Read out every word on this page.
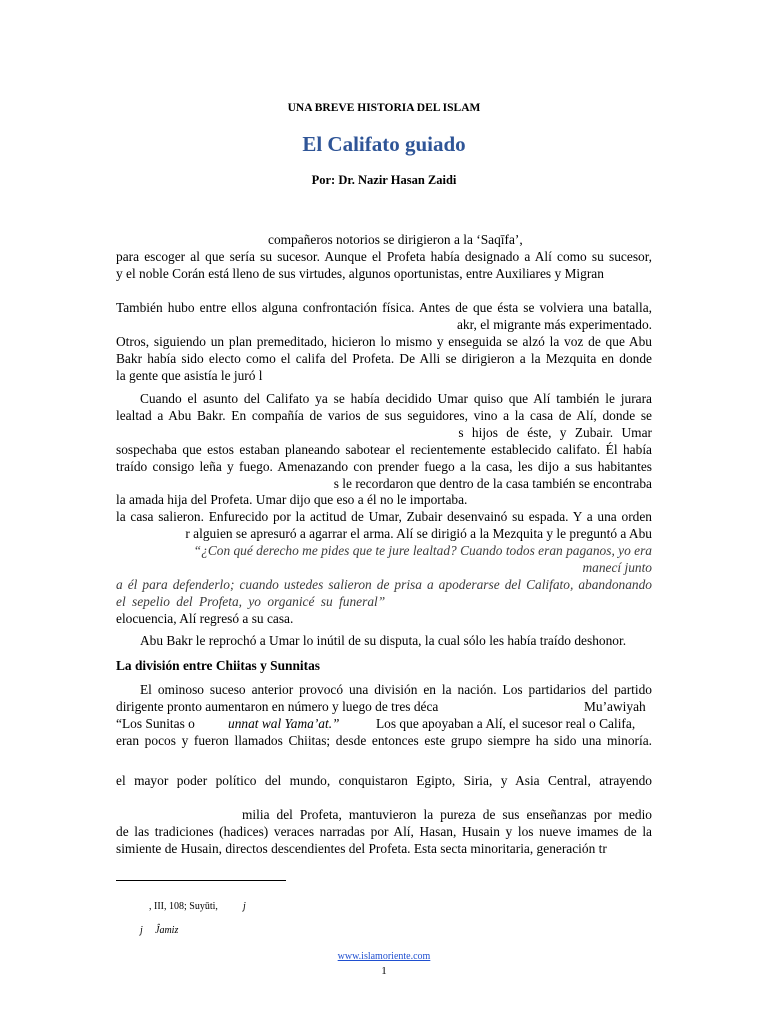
UNA BREVE HISTORIA DEL ISLAM
El Califato guiado
Por: Dr. Nazir Hasan Zaidi
compañeros notorios se dirigieron a la ‘Saqīfa’,
para escoger al que sería su sucesor. Aunque el Profeta había designado a Alí como su sucesor,
y el noble Corán está lleno de sus virtudes, algunos oportunistas, entre Auxiliares y Migran
También hubo entre ellos alguna confrontación física. Antes de que ésta se volviera una batalla,
akr, el migrante más experimentado.
Otros, siguiendo un plan premeditado, hicieron lo mismo y enseguida se alzó la voz de que Abu
Bakr había sido electo como el califa del Profeta. De Alli se dirigieron a la Mezquita en donde
la gente que asistía le juró l
Cuando el asunto del Califato ya se había decidido Umar quiso que Alí también le jurara
lealtad a Abu Bakr. En compañía de varios de sus seguidores, vino a la casa de Alí, donde se
s hijos de éste, y Zubair. Umar
sospechaba que estos estaban planeando sabotear el recientemente establecido califato. Él había
traído consigo leña y fuego. Amenazando con prender fuego a la casa, les dijo a sus habitantes
s le recordaron que dentro de la casa también se encontraba
la amada hija del Profeta. Umar dijo que eso a él no le importaba.
la casa salieron. Enfurecido por la actitud de Umar, Zubair desenvainó su espada. Y a una orden
r alguien se apresuró a agarrar el arma. Alí se dirigió a la Mezquita y le preguntó a Abu
“¿Con qué derecho me pides que te jure lealtad? Cuando todos eran paganos, yo era
manecí junto
a él para defenderlo; cuando ustedes salieron de prisa a apoderarse del Califato, abandonando
el sepelio del Profeta, yo organicé su funeral”
elocuencia, Alí regresó a su casa.
Abu Bakr le reprochó a Umar lo inútil de su disputa, la cual sólo les había traído deshonor.
La división entre Chiitas y Sunnitas
El ominoso suceso anterior provocó una división en la nación. Los partidarios del partido
dirigente pronto aumentaron en número y luego de tres déca	Mu’awiyah
“Los Sunitas o unnat wal Yama’at.”	Los que apoyaban a Alí, el sucesor real o Califa,
eran pocos y fueron llamados Chiitas; desde entonces este grupo siempre ha sido una minoría.
el mayor poder político del mundo, conquistaron Egipto, Siria, y Asia Central, atrayendo
milia del Profeta, mantuvieron la pureza de sus enseñanzas por medio
de las tradiciones (hadices) veraces narradas por Alí, Hasan, Husain y los nueve imames de la
simiente de Husain, directos descendientes del Profeta. Esta secta minoritaria, generación tr
, III, 108; Suyūti,	j
j Ĵamiz
www.islamoriente.com
1
